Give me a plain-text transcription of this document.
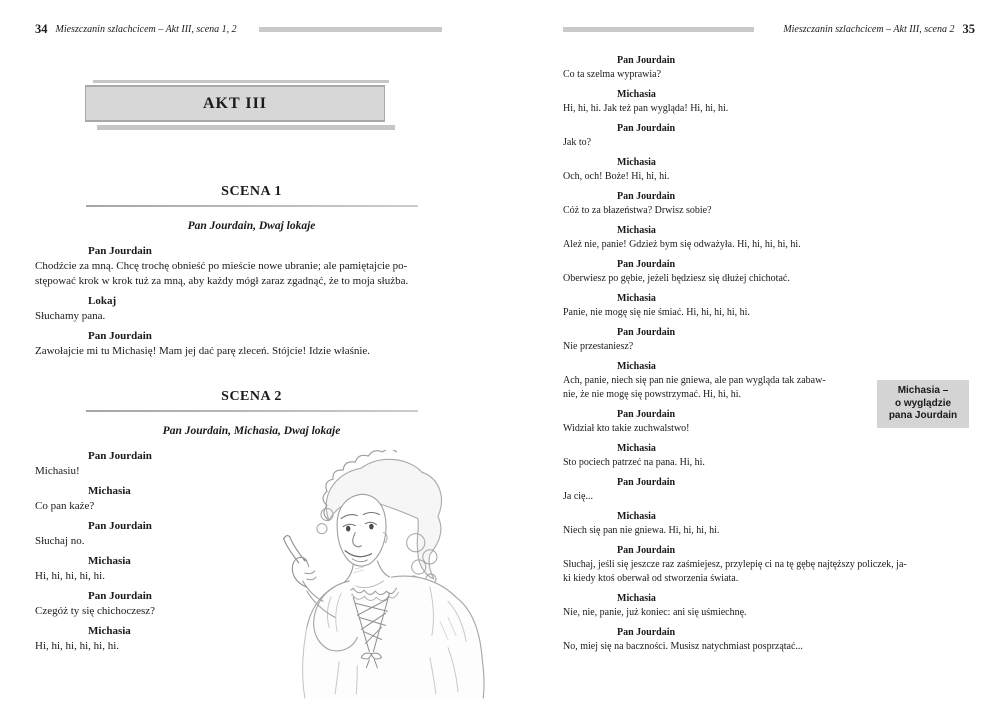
34 Mieszczanin szlachcicem – Akt III, scena 1, 2
AKT III
SCENA 1
Pan Jourdain, Dwaj lokaje
Pan Jourdain
Chodźcie za mną. Chcę trochę obnieść po mieście nowe ubranie; ale pamiętajcie po-
stępować krok w krok tuż za mną, aby każdy mógł zaraz zgadnąć, że to moja służba.
Lokaj
Słuchamy pana.
Pan Jourdain
Zawołajcie mi tu Michasię! Mam jej dać parę zleceń. Stójcie! Idzie właśnie.
SCENA 2
Pan Jourdain, Michasia, Dwaj lokaje
Pan Jourdain
Michasiu!
Michasia
Co pan każe?
Pan Jourdain
Słuchaj no.
Michasia
Hi, hi, hi, hi, hi.
Pan Jourdain
Czegóż ty się chichoczesz?
Michasia
Hi, hi, hi, hi, hi, hi.
Mieszczanin szlachcicem – Akt III, scena 2 35
Pan Jourdain
Co ta szelma wyprawia?
Michasia
Hi, hi, hi. Jak też pan wygląda! Hi, hi, hi.
Pan Jourdain
Jak to?
Michasia
Och, och! Boże! Hi, hi, hi.
Pan Jourdain
Cóż to za błazeństwa? Drwisz sobie?
Michasia
Ależ nie, panie! Gdzież bym się odważyła. Hi, hi, hi, hi, hi.
Pan Jourdain
Oberwiesz po gębie, jeżeli będziesz się dłużej chichotać.
Michasia
Panie, nie mogę się nie śmiać. Hi, hi, hi, hi, hi.
Pan Jourdain
Nie przestaniesz?
Michasia
Ach, panie, niech się pan nie gniewa, ale pan wygląda tak zabaw-
nie, że nie mogę się powstrzymać. Hi, hi, hi.
Pan Jourdain
Widział kto takie zuchwalstwo!
Michasia
Sto pociech patrzeć na pana. Hi, hi.
Pan Jourdain
Ja cię...
Michasia
Niech się pan nie gniewa. Hi, hi, hi, hi.
Pan Jourdain
Słuchaj, jeśli się jeszcze raz zaśmiejesz, przylepię ci na tę gębę najtęższy policzek, ja-
ki kiedy ktoś oberwał od stworzenia świata.
Michasia
Nie, nie, panie, już koniec: ani się uśmiechnę.
Pan Jourdain
No, miej się na baczności. Musisz natychmiast posprzątać...
Michasia –
o wyglądzie
pana Jourdain
